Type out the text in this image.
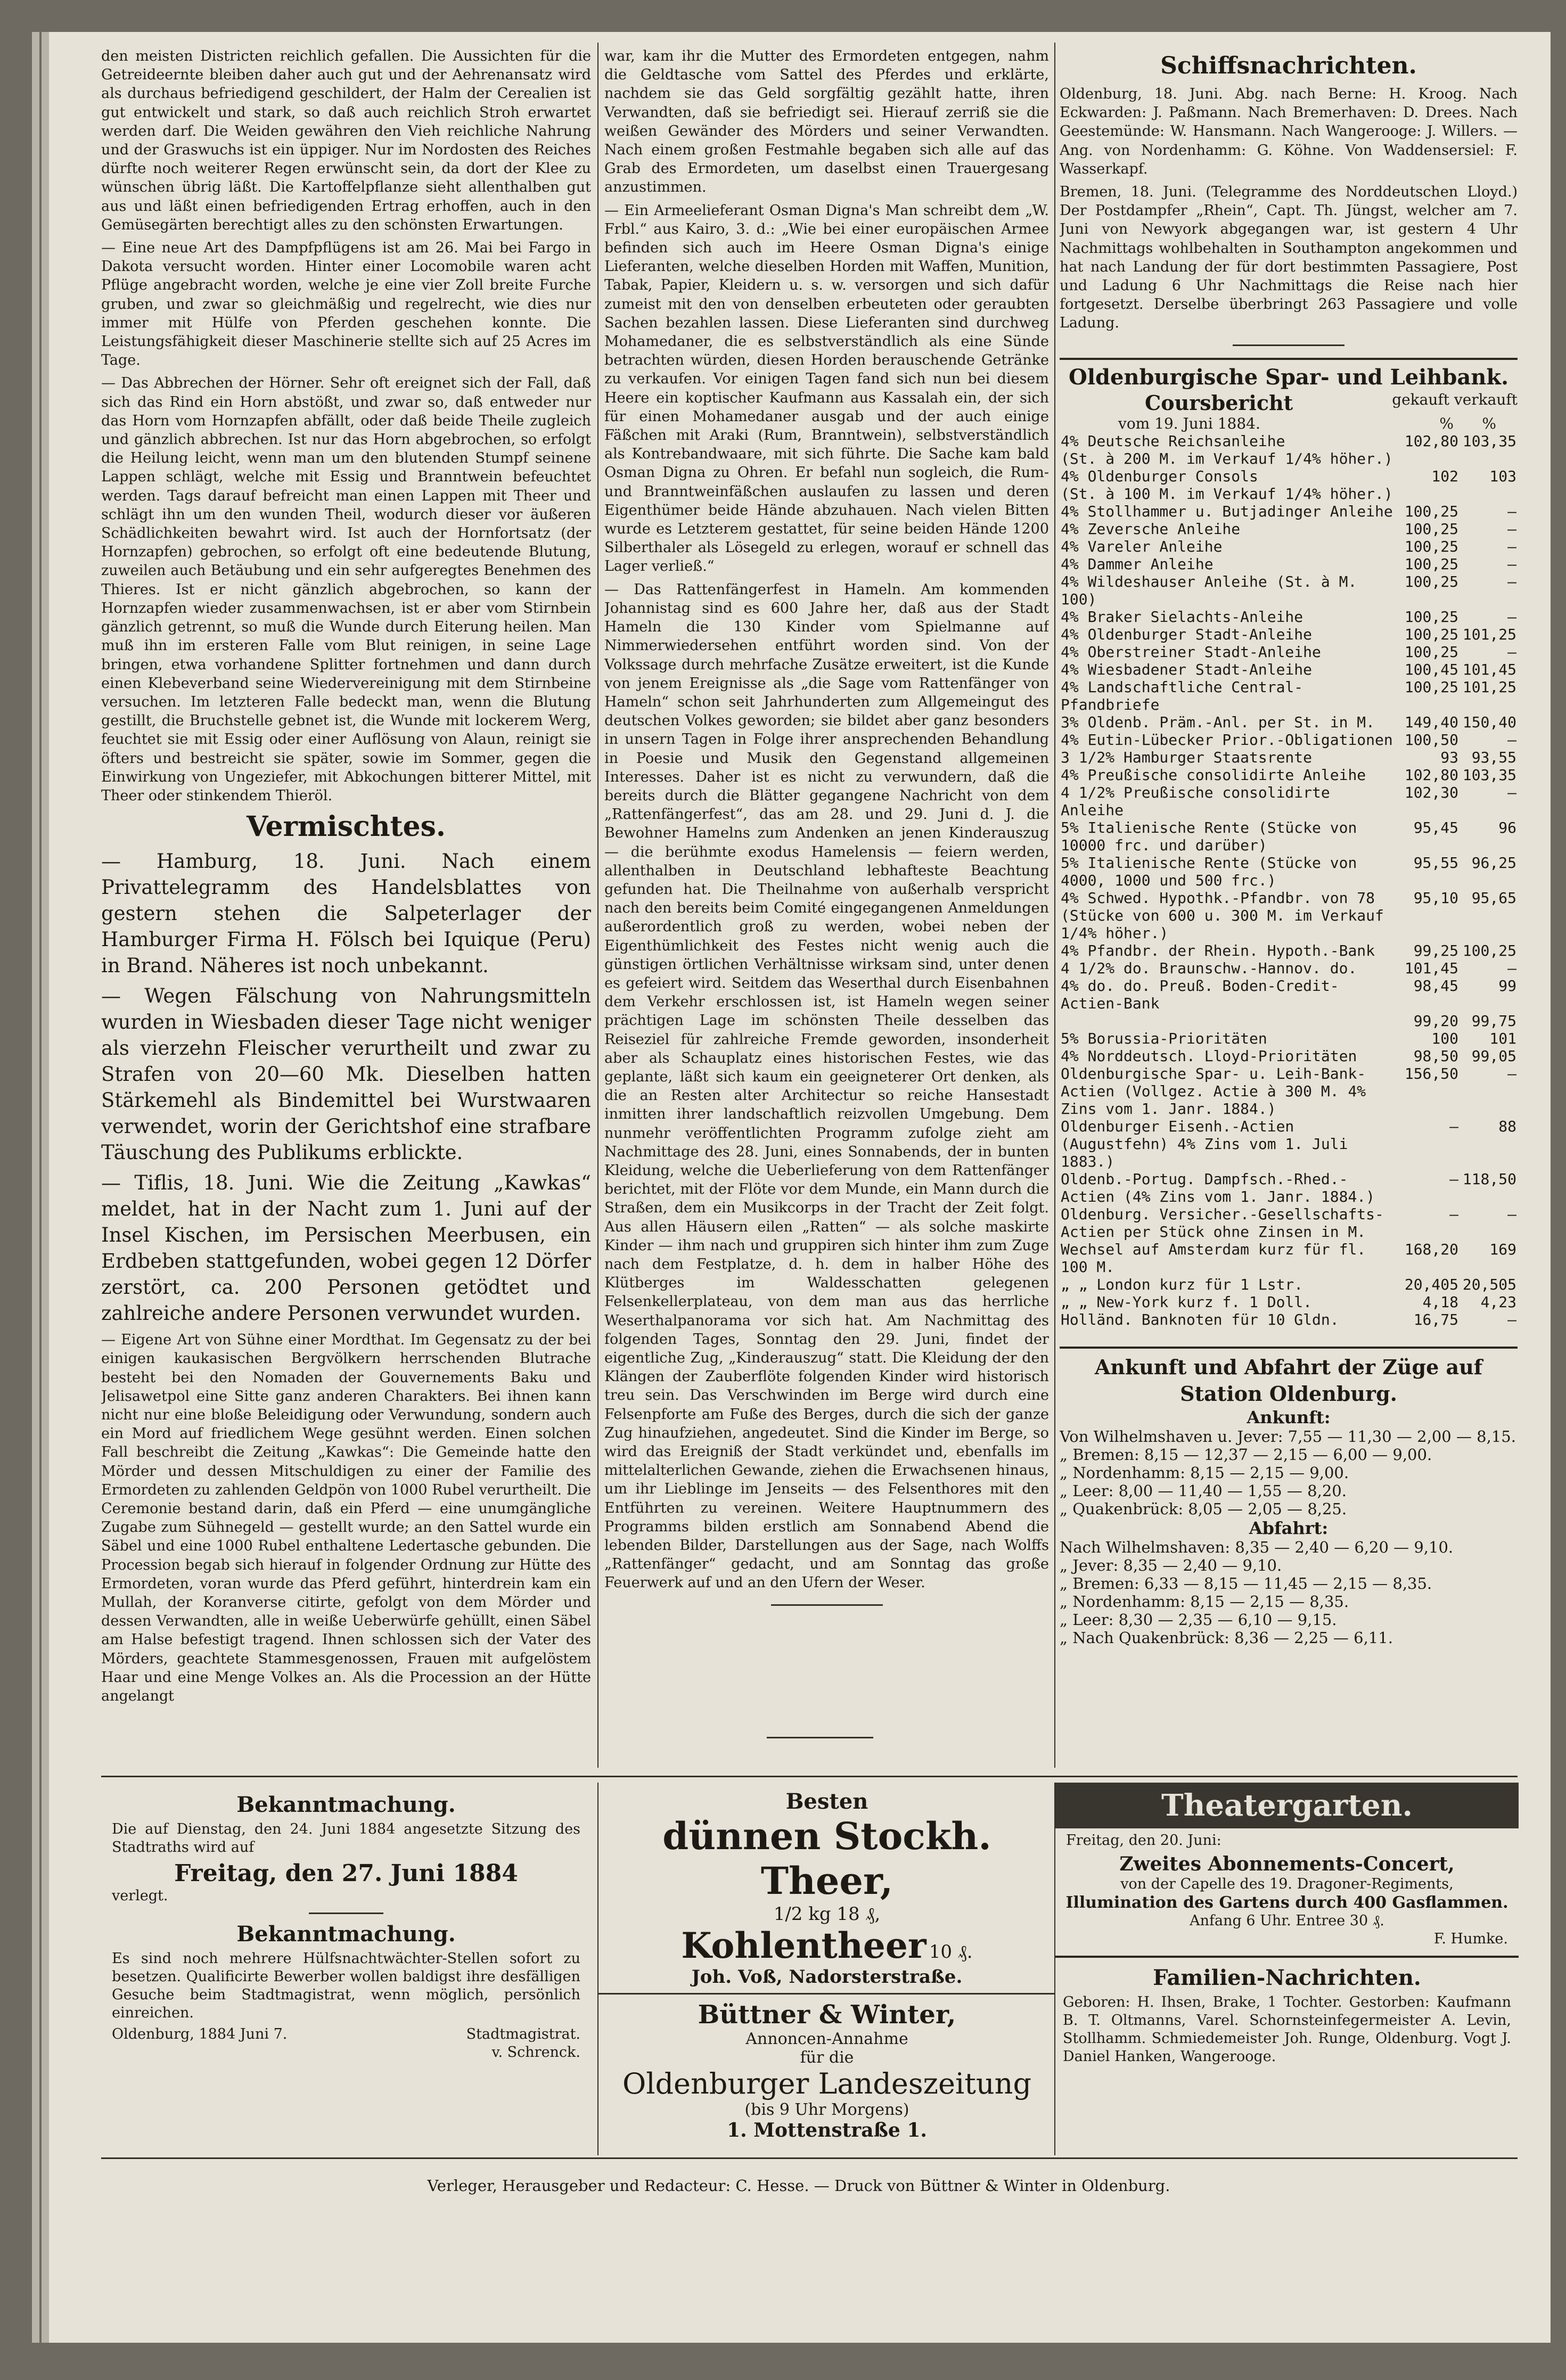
den meisten Districten reichlich gefallen. Die Aussichten für die Getreideernte bleiben daher auch gut und der Aehrenansatz wird als durchaus befriedigend geschildert, der Halm der Cerealien ist gut entwickelt und stark, so daß auch reichlich Stroh erwartet werden darf. Die Weiden gewähren den Vieh reichliche Nahrung und der Graswuchs ist ein üppiger. Nur im Nordosten des Reiches dürfte noch weiterer Regen erwünscht sein, da dort der Klee zu wünschen übrig läßt. Die Kartoffelpflanze sieht allenthalben gut aus und läßt einen befriedigenden Ertrag erhoffen, auch in den Gemüsegärten berechtigt alles zu den schönsten Erwartungen.

— Eine neue Art des Dampfpflügens ist am 26. Mai bei Fargo in Dakota versucht worden. Hinter einer Locomobile waren acht Pflüge angebracht worden, welche je eine vier Zoll breite Furche gruben, und zwar so gleichmäßig und regelrecht, wie dies nur immer mit Hülfe von Pferden geschehen konnte. Die Leistungsfähigkeit dieser Maschinerie stellte sich auf 25 Acres im Tage.

— Das Abbrechen der Hörner. Sehr oft ereignet sich der Fall, daß sich das Rind ein Horn abstößt, und zwar so, daß entweder nur das Horn vom Hornzapfen abfällt, oder daß beide Theile zugleich und gänzlich abbrechen. Ist nur das Horn abgebrochen, so erfolgt die Heilung leicht, wenn man um den blutenden Stumpf seinene Lappen schlägt, welche mit Essig und Branntwein befeuchtet werden. Tags darauf befreicht man einen Lappen mit Theer und schlägt ihn um den wunden Theil, wodurch dieser vor äußeren Schädlichkeiten bewahrt wird. Ist auch der Hornfortsatz (der Hornzapfen) gebrochen, so erfolgt oft eine bedeutende Blutung, zuweilen auch Betäubung und ein sehr aufgeregtes Benehmen des Thieres. Ist er nicht gänzlich abgebrochen, so kann der Hornzapfen wieder zusammenwachsen, ist er aber vom Stirnbein gänzlich getrennt, so muß die Wunde durch Eiterung heilen. Man muß ihn im ersteren Falle vom Blut reinigen, in seine Lage bringen, etwa vorhandene Splitter fortnehmen und dann durch einen Klebeverband seine Wiedervereinigung mit dem Stirnbeine versuchen. Im letzteren Falle bedeckt man, wenn die Blutung gestillt, die Bruchstelle gebnet ist, die Wunde mit lockerem Werg, feuchtet sie mit Essig oder einer Auflösung von Alaun, reinigt sie öfters und bestreicht sie später, sowie im Sommer, gegen die Einwirkung von Ungeziefer, mit Abkochungen bitterer Mittel, mit Theer oder stinkendem Thieröl.

Vermischtes.

— Hamburg, 18. Juni. Nach einem Privattelegramm des Handelsblattes von gestern stehen die Salpeterlager der Hamburger Firma H. Fölsch bei Iquique (Peru) in Brand. Näheres ist noch unbekannt.

— Wegen Fälschung von Nahrungsmitteln wurden in Wiesbaden dieser Tage nicht weniger als vierzehn Fleischer verurtheilt und zwar zu Strafen von 20—60 Mk. Dieselben hatten Stärkemehl als Bindemittel bei Wurstwaaren verwendet, worin der Gerichtshof eine strafbare Täuschung des Publikums erblickte.

— Tiflis, 18. Juni. Wie die Zeitung „Kawkas“ meldet, hat in der Nacht zum 1. Juni auf der Insel Kischen, im Persischen Meerbusen, ein Erdbeben stattgefunden, wobei gegen 12 Dörfer zerstört, ca. 200 Personen getödtet und zahlreiche andere Personen verwundet wurden.

— Eigene Art von Sühne einer Mordthat. Im Gegensatz zu der bei einigen kaukasischen Bergvölkern herrschenden Blutrache besteht bei den Nomaden der Gouvernements Baku und Jelisawetpol eine Sitte ganz anderen Charakters. Bei ihnen kann nicht nur eine bloße Beleidigung oder Verwundung, sondern auch ein Mord auf friedlichem Wege gesühnt werden. Einen solchen Fall beschreibt die Zeitung „Kawkas“: Die Gemeinde hatte den Mörder und dessen Mitschuldigen zu einer der Familie des Ermordeten zu zahlenden Geldpön von 1000 Rubel verurtheilt. Die Ceremonie bestand darin, daß ein Pferd — eine unumgängliche Zugabe zum Sühnegeld — gestellt wurde; an den Sattel wurde ein Säbel und eine 1000 Rubel enthaltene Ledertasche gebunden. Die Procession begab sich hierauf in folgender Ordnung zur Hütte des Ermordeten, voran wurde das Pferd geführt, hinterdrein kam ein Mullah, der Koranverse citirte, gefolgt von dem Mörder und dessen Verwandten, alle in weiße Ueberwürfe gehüllt, einen Säbel am Halse befestigt tragend. Ihnen schlossen sich der Vater des Mörders, geachtete Stammesgenossen, Frauen mit aufgelöstem Haar und eine Menge Volkes an. Als die Procession an der Hütte angelangt

war, kam ihr die Mutter des Ermordeten entgegen, nahm die Geldtasche vom Sattel des Pferdes und erklärte, nachdem sie das Geld sorgfältig gezählt hatte, ihren Verwandten, daß sie befriedigt sei. Hierauf zerriß sie die weißen Gewänder des Mörders und seiner Verwandten. Nach einem großen Festmahle begaben sich alle auf das Grab des Ermordeten, um daselbst einen Trauergesang anzustimmen.

— Ein Armeelieferant Osman Digna's Man schreibt dem „W. Frbl.“ aus Kairo, 3. d.: „Wie bei einer europäischen Armee befinden sich auch im Heere Osman Digna's einige Lieferanten, welche dieselben Horden mit Waffen, Munition, Tabak, Papier, Kleidern u. s. w. versorgen und sich dafür zumeist mit den von denselben erbeuteten oder geraubten Sachen bezahlen lassen. Diese Lieferanten sind durchweg Mohamedaner, die es selbstverständlich als eine Sünde betrachten würden, diesen Horden berauschende Getränke zu verkaufen. Vor einigen Tagen fand sich nun bei diesem Heere ein koptischer Kaufmann aus Kassalah ein, der sich für einen Mohamedaner ausgab und der auch einige Fäßchen mit Araki (Rum, Branntwein), selbstverständlich als Kontrebandwaare, mit sich führte. Die Sache kam bald Osman Digna zu Ohren. Er befahl nun sogleich, die Rum- und Branntweinfäßchen auslaufen zu lassen und deren Eigenthümer beide Hände abzuhauen. Nach vielen Bitten wurde es Letzterem gestattet, für seine beiden Hände 1200 Silberthaler als Lösegeld zu erlegen, worauf er schnell das Lager verließ.“

— Das Rattenfängerfest in Hameln. Am kommenden Johannistag sind es 600 Jahre her, daß aus der Stadt Hameln die 130 Kinder vom Spielmanne auf Nimmerwiedersehen entführt worden sind. Von der Volkssage durch mehrfache Zusätze erweitert, ist die Kunde von jenem Ereignisse als „die Sage vom Rattenfänger von Hameln“ schon seit Jahrhunderten zum Allgemeingut des deutschen Volkes geworden; sie bildet aber ganz besonders in unsern Tagen in Folge ihrer ansprechenden Behandlung in Poesie und Musik den Gegenstand allgemeinen Interesses. Daher ist es nicht zu verwundern, daß die bereits durch die Blätter gegangene Nachricht von dem „Rattenfängerfest“, das am 28. und 29. Juni d. J. die Bewohner Hamelns zum Andenken an jenen Kinderauszug — die berühmte exodus Hamelensis — feiern werden, allenthalben in Deutschland lebhafteste Beachtung gefunden hat. Die Theilnahme von außerhalb verspricht nach den bereits beim Comité eingegangenen Anmeldungen außerordentlich groß zu werden, wobei neben der Eigenthümlichkeit des Festes nicht wenig auch die günstigen örtlichen Verhältnisse wirksam sind, unter denen es gefeiert wird. Seitdem das Weserthal durch Eisenbahnen dem Verkehr erschlossen ist, ist Hameln wegen seiner prächtigen Lage im schönsten Theile desselben das Reiseziel für zahlreiche Fremde geworden, insonderheit aber als Schauplatz eines historischen Festes, wie das geplante, läßt sich kaum ein geeigneterer Ort denken, als die an Resten alter Architectur so reiche Hansestadt inmitten ihrer landschaftlich reizvollen Umgebung. Dem nunmehr veröffentlichten Programm zufolge zieht am Nachmittage des 28. Juni, eines Sonnabends, der in bunten Kleidung, welche die Ueberlieferung von dem Rattenfänger berichtet, mit der Flöte vor dem Munde, ein Mann durch die Straßen, dem ein Musikcorps in der Tracht der Zeit folgt. Aus allen Häusern eilen „Ratten“ — als solche maskirte Kinder — ihm nach und gruppiren sich hinter ihm zum Zuge nach dem Festplatze, d. h. dem in halber Höhe des Klütberges im Waldesschatten gelegenen Felsenkellerplateau, von dem man aus das herrliche Weserthalpanorama vor sich hat. Am Nachmittag des folgenden Tages, Sonntag den 29. Juni, findet der eigentliche Zug, „Kinderauszug“ statt. Die Kleidung der den Klängen der Zauberflöte folgenden Kinder wird historisch treu sein. Das Verschwinden im Berge wird durch eine Felsenpforte am Fuße des Berges, durch die sich der ganze Zug hinaufziehen, angedeutet. Sind die Kinder im Berge, so wird das Ereigniß der Stadt verkündet und, ebenfalls im mittelalterlichen Gewande, ziehen die Erwachsenen hinaus, um ihr Lieblinge im Jenseits — des Felsenthores mit den Entführten zu vereinen. Weitere Hauptnummern des Programms bilden erstlich am Sonnabend Abend die lebenden Bilder, Darstellungen aus der Sage, nach Wolffs „Rattenfänger“ gedacht, und am Sonntag das große Feuerwerk auf und an den Ufern der Weser.

Schiffsnachrichten.

Oldenburg, 18. Juni. Abg. nach Berne: H. Kroog. Nach Eckwarden: J. Paßmann. Nach Bremerhaven: D. Drees. Nach Geestemünde: W. Hansmann. Nach Wangerooge: J. Willers. — Ang. von Nordenhamm: G. Köhne. Von Waddensersiel: F. Wasserkapf.

Bremen, 18. Juni. (Telegramme des Norddeutschen Lloyd.) Der Postdampfer „Rhein“, Capt. Th. Jüngst, welcher am 7. Juni von Newyork abgegangen war, ist gestern 4 Uhr Nachmittags wohlbehalten in Southampton angekommen und hat nach Landung der für dort bestimmten Passagiere, Post und Ladung 6 Uhr Nachmittags die Reise nach hier fortgesetzt. Derselbe überbringt 263 Passagiere und volle Ladung.

Oldenburgische Spar- und Leihbank.
Coursbericht	gekauft verkauft
vom 19. Juni 1884.	% %
4% Deutsche Reichsanleihe	102,80	103,35
(St. à 200 M. im Verkauf 1/4% höher.)		
4% Oldenburger Consols	102	103
(St. à 100 M. im Verkauf 1/4% höher.)		
4% Stollhammer u. Butjadinger Anleihe	100,25	—
4% Zeversche Anleihe	100,25	—
4% Vareler Anleihe	100,25	—
4% Dammer Anleihe	100,25	—
4% Wildeshauser Anleihe (St. à M. 100)	100,25	—
4% Braker Sielachts-Anleihe	100,25	—
4% Oldenburger Stadt-Anleihe	100,25	101,25
4% Oberstreiner Stadt-Anleihe	100,25	—
4% Wiesbadener Stadt-Anleihe	100,45	101,45
4% Landschaftliche Central-Pfandbriefe	100,25	101,25
3% Oldenb. Präm.-Anl. per St. in M.	149,40	150,40
4% Eutin-Lübecker Prior.-Obligationen	100,50	—
3 1/2% Hamburger Staatsrente	93	93,55
4% Preußische consolidirte Anleihe	102,80	103,35
4 1/2% Preußische consolidirte Anleihe	102,30	—
5% Italienische Rente (Stücke von 10000 frc. und darüber)	95,45	96
5% Italienische Rente (Stücke von 4000, 1000 und 500 frc.)	95,55	96,25
4% Schwed. Hypothk.-Pfandbr. von 78	95,10	95,65
(Stücke von 600 u. 300 M. im Verkauf 1/4% höher.)		
4% Pfandbr. der Rhein. Hypoth.-Bank	99,25	100,25
4 1/2% do. Braunschw.-Hannov. do.	101,45	—
4% do. do. Preuß. Boden-Credit-Actien-Bank	98,45	99
	99,20	99,75
5% Borussia-Prioritäten	100	101
4% Norddeutsch. Lloyd-Prioritäten	98,50	99,05
Oldenburgische Spar- u. Leih-Bank-Actien (Vollgez. Actie à 300 M. 4% Zins vom 1. Janr. 1884.)	156,50	—
Oldenburger Eisenh.-Actien (Augustfehn) 4% Zins vom 1. Juli 1883.)	—	88
Oldenb.-Portug. Dampfsch.-Rhed.-Actien (4% Zins vom 1. Janr. 1884.)	—	118,50
Oldenburg. Versicher.-Gesellschafts-Actien per Stück ohne Zinsen in M.	—	—
Wechsel auf Amsterdam kurz für fl. 100 M.	168,20	169
„ „ London kurz für 1 Lstr.	20,405	20,505
„ „ New-York kurz f. 1 Doll.	4,18	4,23
Holländ. Banknoten für 10 Gldn.	16,75	—
Ankunft und Abfahrt der Züge auf Station Oldenburg.
Ankunft:
Von Wilhelmshaven u. Jever: 7,55 — 11,30 — 2,00 — 8,15.
„ Bremen: 8,15 — 12,37 — 2,15 — 6,00 — 9,00.
„ Nordenhamm: 8,15 — 2,15 — 9,00.
„ Leer: 8,00 — 11,40 — 1,55 — 8,20.
„ Quakenbrück: 8,05 — 2,05 — 8,25.
Abfahrt:
Nach Wilhelmshaven: 8,35 — 2,40 — 6,20 — 9,10.
„ Jever: 8,35 — 2,40 — 9,10.
„ Bremen: 6,33 — 8,15 — 11,45 — 2,15 — 8,35.
„ Nordenhamm: 8,15 — 2,15 — 8,35.
„ Leer: 8,30 — 2,35 — 6,10 — 9,15.
„ Nach Quakenbrück: 8,36 — 2,25 — 6,11.
Bekanntmachung.

Die auf Dienstag, den 24. Juni 1884 angesetzte Sitzung des Stadtraths wird auf

Freitag, den 27. Juni 1884
verlegt.
Bekanntmachung.

Es sind noch mehrere Hülfsnachtwächter-Stellen sofort zu besetzen. Qualificirte Bewerber wollen baldigst ihre desfälligen Gesuche beim Stadtmagistrat, wenn möglich, persönlich einreichen.

Oldenburg, 1884 Juni 7.	Stadtmagistrat.
v. Schrenck.
Besten
dünnen Stockh. Theer,
1/2 kg 18 ₰,
Kohlentheer 10 ₰.
Joh. Voß, Nadorsterstraße.
Büttner & Winter,
Annoncen-Annahme
für die
Oldenburger Landeszeitung
(bis 9 Uhr Morgens)
1. Mottenstraße 1.
Theatergarten.
Freitag, den 20. Juni:
Zweites Abonnements-Concert,
von der Capelle des 19. Dragoner-Regiments,
Illumination des Gartens durch 400 Gasflammen.
Anfang 6 Uhr. Entree 30 ₰.
F. Humke.
Familien-Nachrichten.

Geboren: H. Ihsen, Brake, 1 Tochter. Gestorben: Kaufmann B. T. Oltmanns, Varel. Schornsteinfegermeister A. Levin, Stollhamm. Schmiedemeister Joh. Runge, Oldenburg. Vogt J. Daniel Hanken, Wangerooge.

Verleger, Herausgeber und Redacteur: C. Hesse. — Druck von Büttner & Winter in Oldenburg.
